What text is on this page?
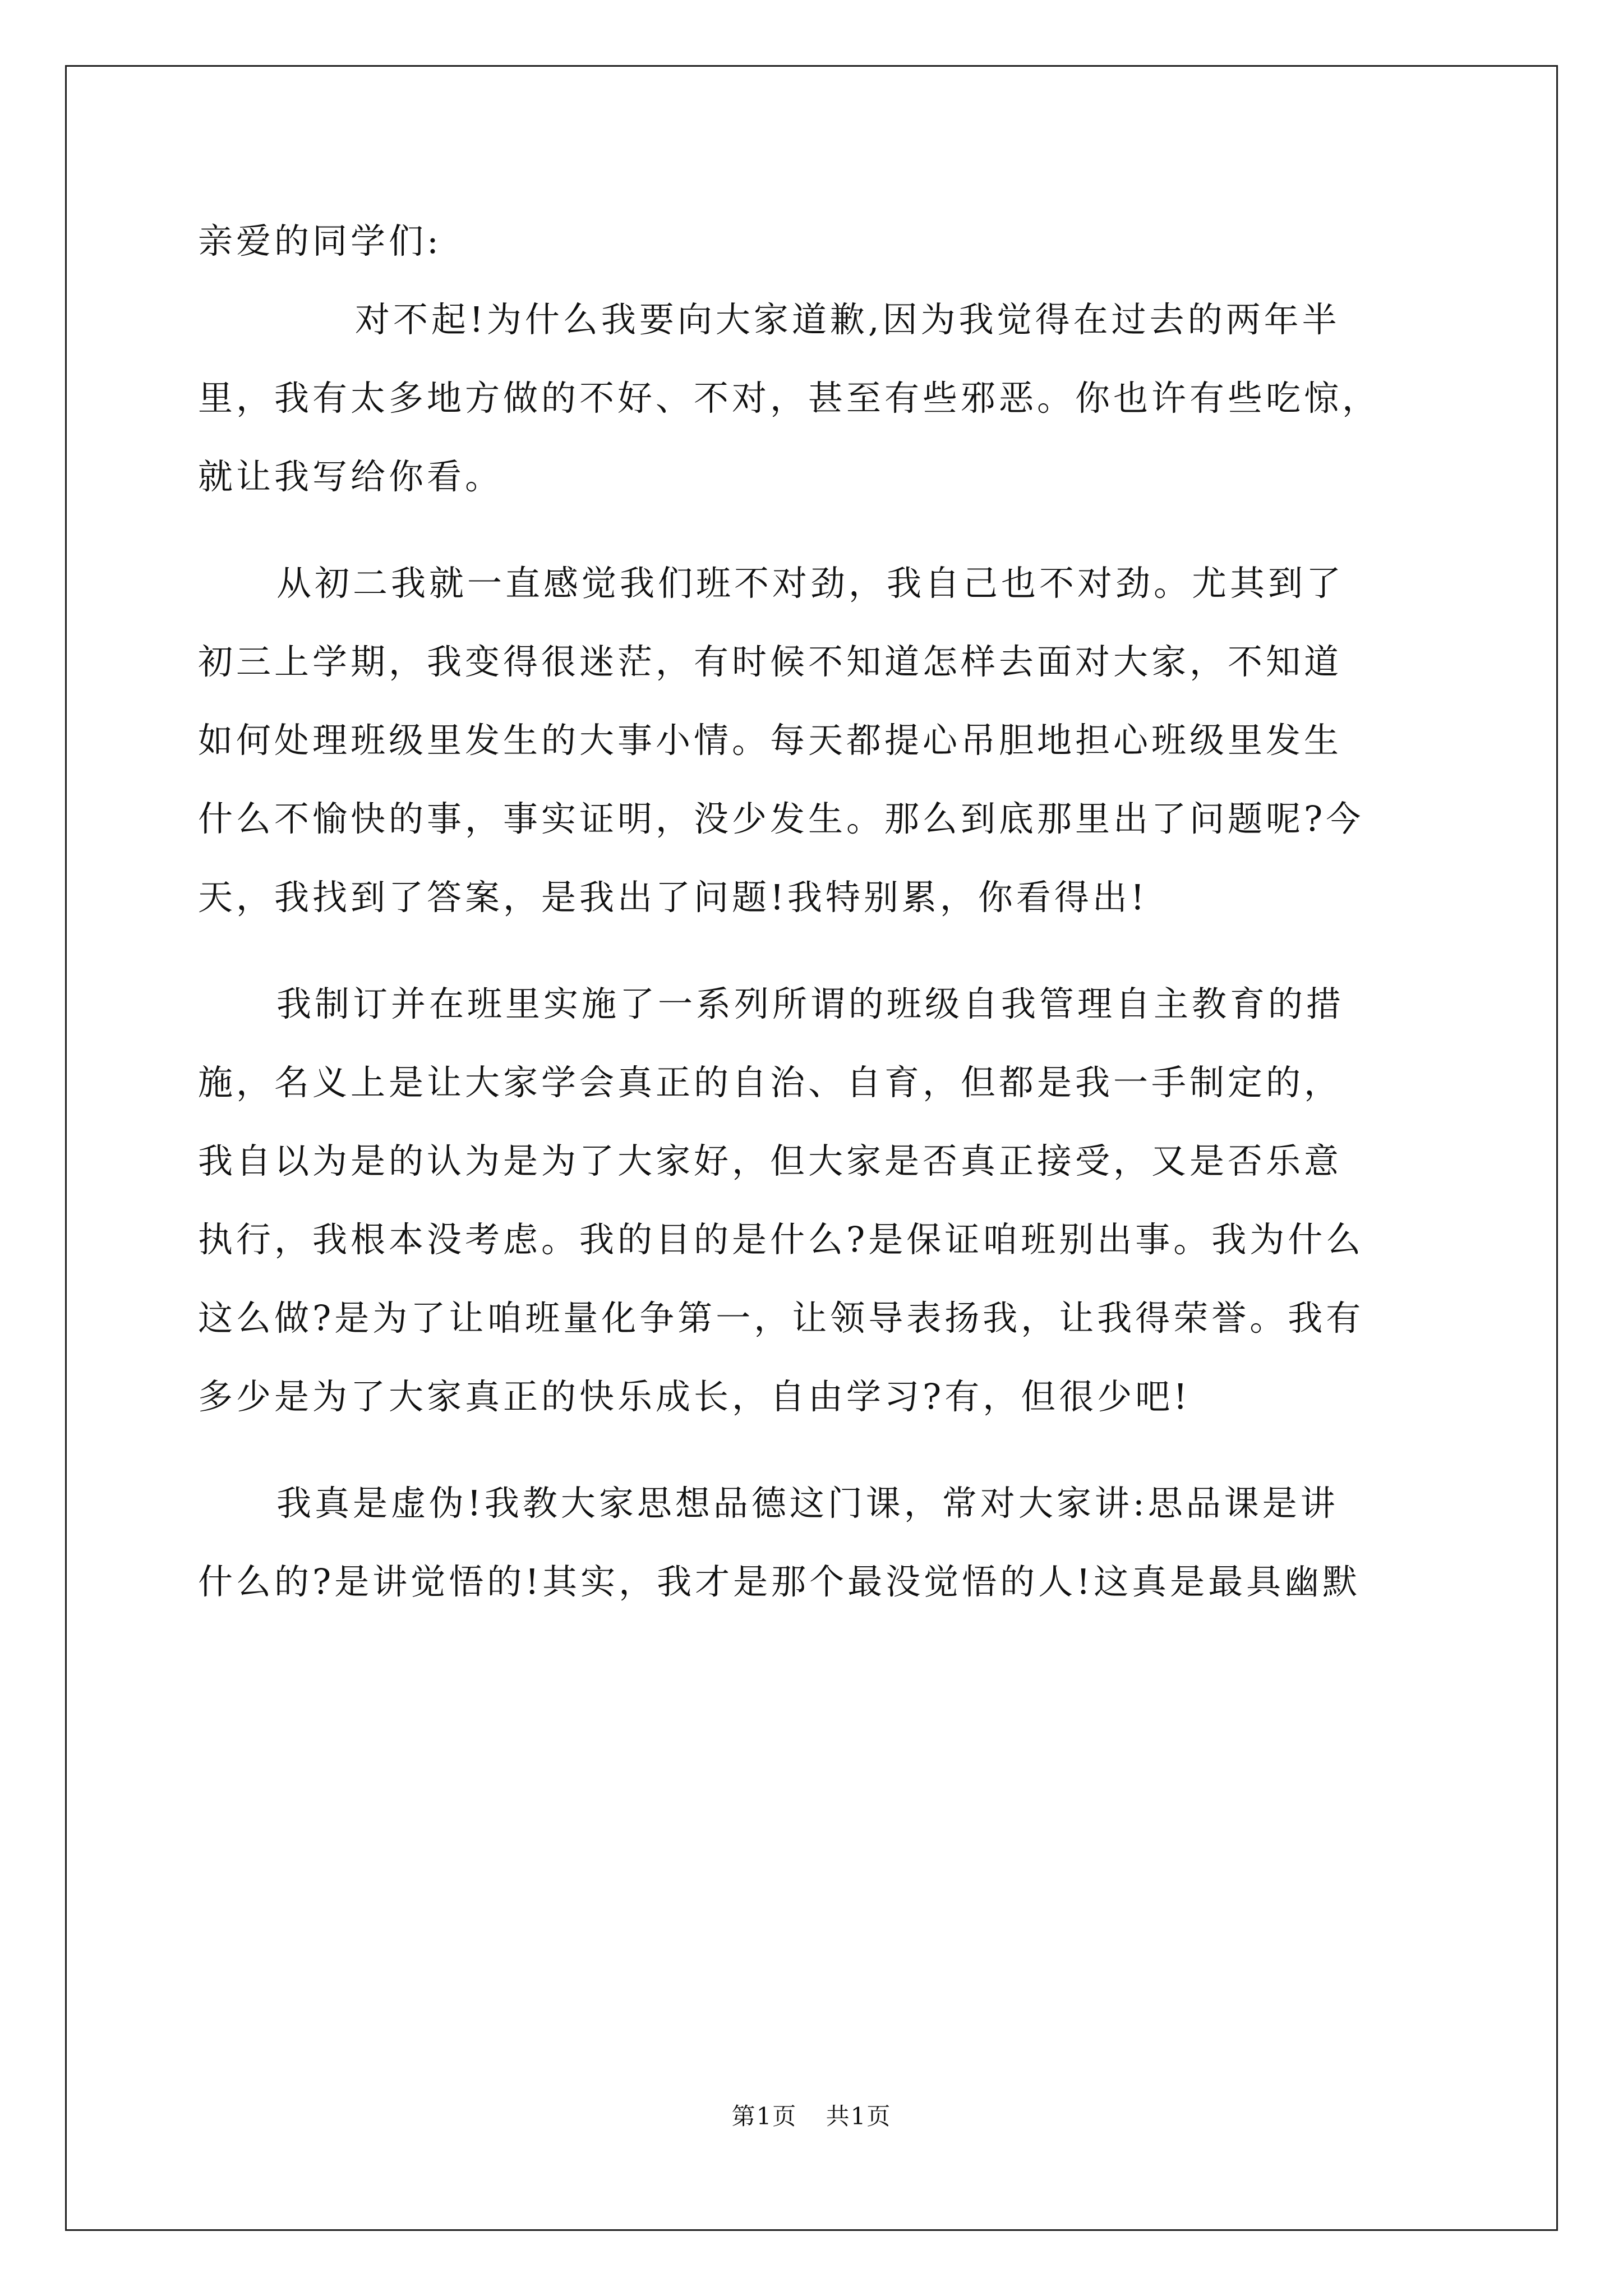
亲爱的同学们:
对不起!为什么我要向大家道歉,因为我觉得在过去的两年半
里，我有太多地方做的不好、不对，甚至有些邪恶。你也许有些吃惊，
就让我写给你看。
从初二我就一直感觉我们班不对劲，我自己也不对劲。尤其到了
初三上学期，我变得很迷茫，有时候不知道怎样去面对大家，不知道
如何处理班级里发生的大事小情。每天都提心吊胆地担心班级里发生
什么不愉快的事，事实证明，没少发生。那么到底那里出了问题呢?今
天，我找到了答案，是我出了问题!我特别累，你看得出!
我制订并在班里实施了一系列所谓的班级自我管理自主教育的措
施，名义上是让大家学会真正的自治、自育，但都是我一手制定的，
我自以为是的认为是为了大家好，但大家是否真正接受，又是否乐意
执行，我根本没考虑。我的目的是什么?是保证咱班别出事。我为什么
这么做?是为了让咱班量化争第一，让领导表扬我，让我得荣誉。我有
多少是为了大家真正的快乐成长，自由学习?有，但很少吧!
我真是虚伪!我教大家思想品德这门课，常对大家讲:思品课是讲
什么的?是讲觉悟的!其实，我才是那个最没觉悟的人!这真是最具幽默
第1页 共1页
